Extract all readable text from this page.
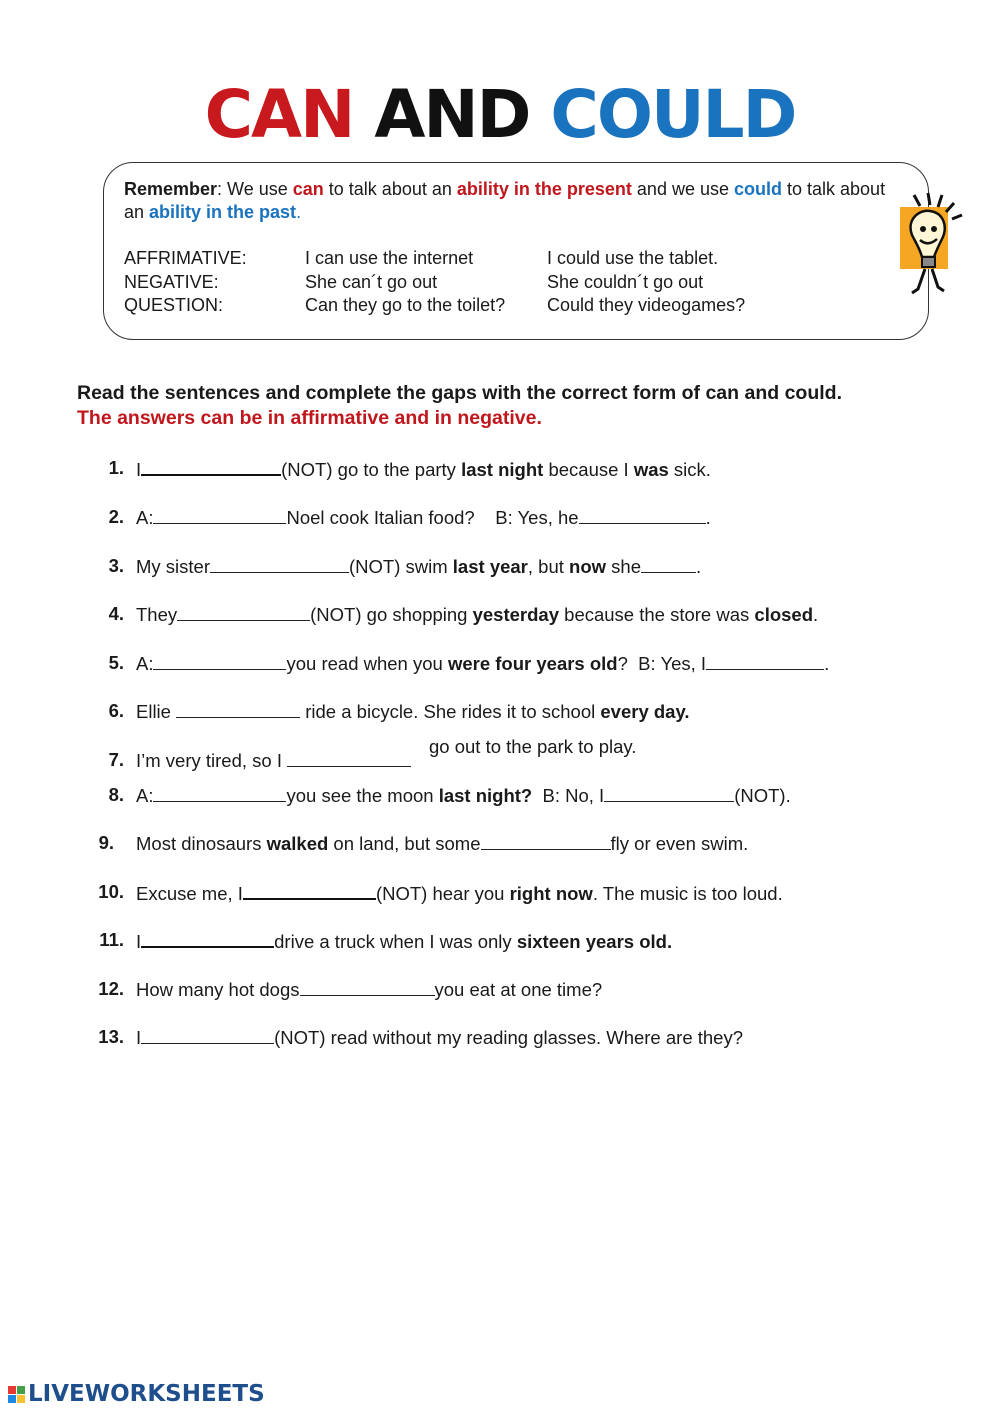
CAN AND COULD
Remember: We use can to talk about an ability in the present and we use could to talk about an ability in the past.
AFFRIMATIVE:	I can use the internet	I could use the tablet.
NEGATIVE:	She can´t go out	She couldn´t go out
QUESTION:	Can they go to the toilet?	Could they videogames?
Read the sentences and complete the gaps with the correct form of can and could.
The answers can be in affirmative and in negative.
1. I	(NOT) go to the party last night because I was sick.
2. A:	Noel cook Italian food?    B: Yes, he	.
3. My sister	(NOT) swim last year, but now she	.
4. They	(NOT) go shopping yesterday because the store was closed.
5. A:	you read when you were four years old?  B: Yes, I	.
6. Ellie	ride a bicycle. She rides it to school every day.
7. I’m very tired, so I
go out to the park to play.
8. A:	you see the moon last night?  B: No, I	(NOT).
9. Most dinosaurs walked on land, but some	fly or even swim.
10. Excuse me, I	(NOT) hear you right now. The music is too loud.
11. I	drive a truck when I was only sixteen years old.
12. How many hot dogs	you eat at one time?
13. I	(NOT) read without my reading glasses. Where are they?
LIVEWORKSHEETS
